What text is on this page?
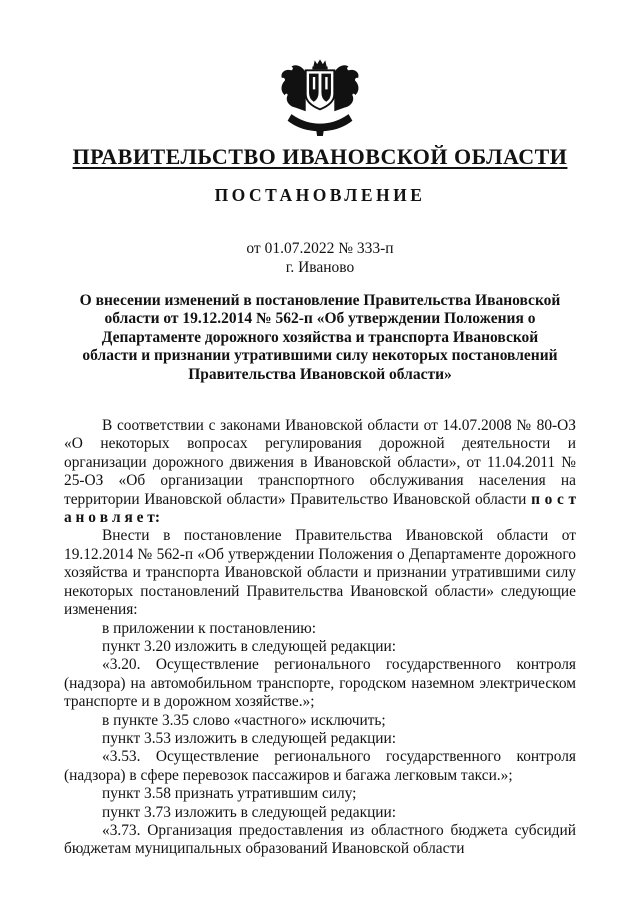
ПРАВИТЕЛЬСТВО ИВАНОВСКОЙ ОБЛАСТИ
ПОСТАНОВЛЕНИЕ
от 01.07.2022 № 333-п
г. Иваново
О внесении изменений в постановление Правительства Ивановской области от 19.12.2014 № 562-п «Об утверждении Положения о Департаменте дорожного хозяйства и транспорта Ивановской области и признании утратившими силу некоторых постановлений Правительства Ивановской области»

В соответствии с законами Ивановской области от 14.07.2008 № 80-ОЗ «О некоторых вопросах регулирования дорожной деятельности и организации дорожного движения в Ивановской области», от 11.04.2011 № 25-ОЗ «Об организации транспортного обслуживания населения на территории Ивановской области» Правительство Ивановской области п о с т а н о в л я е т:

Внести в постановление Правительства Ивановской области от 19.12.2014 № 562-п «Об утверждении Положения о Департаменте дорожного хозяйства и транспорта Ивановской области и признании утратившими силу некоторых постановлений Правительства Ивановской области» следующие изменения:

в приложении к постановлению:

пункт 3.20 изложить в следующей редакции:

«3.20. Осуществление регионального государственного контроля (надзора) на автомобильном транспорте, городском наземном электрическом транспорте и в дорожном хозяйстве.»;

в пункте 3.35 слово «частного» исключить;

пункт 3.53 изложить в следующей редакции:

«3.53. Осуществление регионального государственного контроля (надзора) в сфере перевозок пассажиров и багажа легковым такси.»;

пункт 3.58 признать утратившим силу;

пункт 3.73 изложить в следующей редакции:

«3.73. Организация предоставления из областного бюджета субсидий бюджетам муниципальных образований Ивановской области
